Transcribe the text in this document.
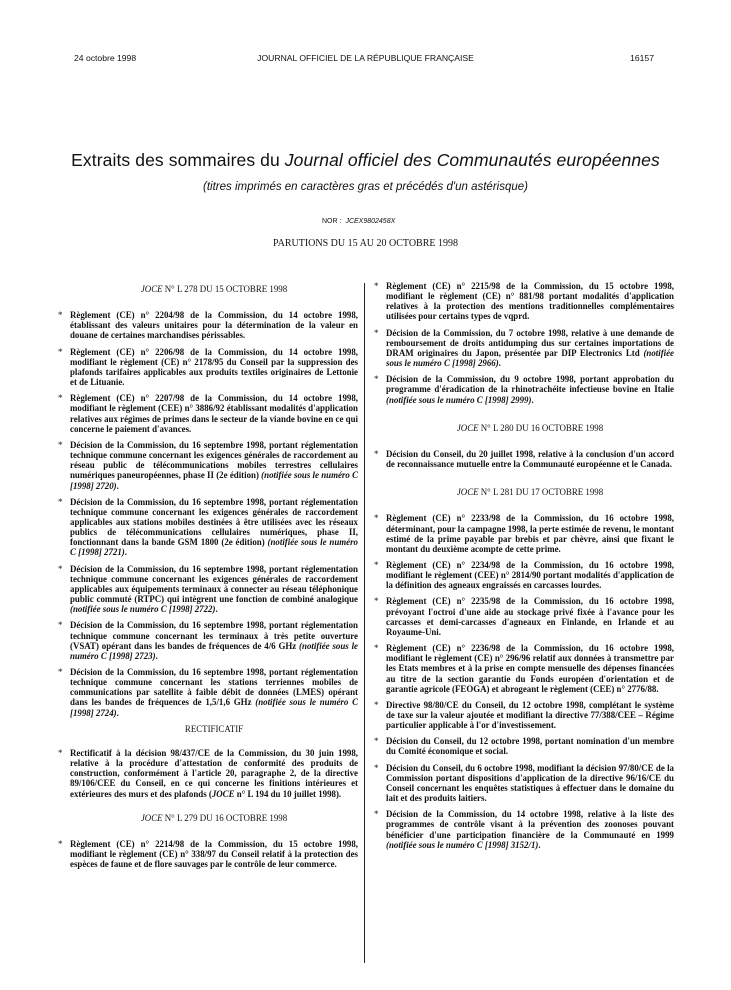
24 octobre 1998	JOURNAL OFFICIEL DE LA RÉPUBLIQUE FRANÇAISE	16157
Extraits des sommaires du Journal officiel des Communautés européennes
(titres imprimés en caractères gras et précédés d'un astérisque)
NOR : JCEX9802458X
PARUTIONS DU 15 AU 20 OCTOBRE 1998
JOCE N° L 278 DU 15 OCTOBRE 1998
* Règlement (CE) n° 2204/98 de la Commission, du 14 octobre 1998, établissant des valeurs unitaires pour la détermination de la valeur en douane de certaines marchandises périssables.
* Règlement (CE) n° 2206/98 de la Commission, du 14 octobre 1998, modifiant le règlement (CE) n° 2178/95 du Conseil par la suppression des plafonds tarifaires applicables aux produits textiles originaires de Lettonie et de Lituanie.
* Règlement (CE) n° 2207/98 de la Commission, du 14 octobre 1998, modifiant le règlement (CEE) n° 3886/92 établissant modalités d'application relatives aux régimes de primes dans le secteur de la viande bovine en ce qui concerne le paiement d'avances.
* Décision de la Commission, du 16 septembre 1998, portant réglementation technique commune concernant les exigences générales de raccordement au réseau public de télécommunications mobiles terrestres cellulaires numériques paneuropéennes, phase II (2e édition) (notifiée sous le numéro C [1998] 2720).
* Décision de la Commission, du 16 septembre 1998, portant réglementation technique commune concernant les exigences générales de raccordement applicables aux stations mobiles destinées à être utilisées avec les réseaux publics de télécommunications cellulaires numériques, phase II, fonctionnant dans la bande GSM 1800 (2e édition) (notifiée sous le numéro C [1998] 2721).
* Décision de la Commission, du 16 septembre 1998, portant réglementation technique commune concernant les exigences générales de raccordement applicables aux équipements terminaux à connecter au réseau téléphonique public commuté (RTPC) qui intègrent une fonction de combiné analogique (notifiée sous le numéro C [1998] 2722).
* Décision de la Commission, du 16 septembre 1998, portant réglementation technique commune concernant les terminaux à très petite ouverture (VSAT) opérant dans les bandes de fréquences de 4/6 GHz (notifiée sous le numéro C [1998] 2723).
* Décision de la Commission, du 16 septembre 1998, portant réglementation technique commune concernant les stations terriennes mobiles de communications par satellite à faible débit de données (LMES) opérant dans les bandes de fréquences de 1,5/1,6 GHz (notifiée sous le numéro C [1998] 2724).
RECTIFICATIF
* Rectificatif à la décision 98/437/CE de la Commission, du 30 juin 1998, relative à la procédure d'attestation de conformité des produits de construction, conformément à l'article 20, paragraphe 2, de la directive 89/106/CEE du Conseil, en ce qui concerne les finitions intérieures et extérieures des murs et des plafonds (JOCE n° L 194 du 10 juillet 1998).
JOCE N° L 279 DU 16 OCTOBRE 1998
* Règlement (CE) n° 2214/98 de la Commission, du 15 octobre 1998, modifiant le règlement (CE) n° 338/97 du Conseil relatif à la protection des espèces de faune et de flore sauvages par le contrôle de leur commerce.
* Règlement (CE) n° 2215/98 de la Commission, du 15 octobre 1998, modifiant le règlement (CE) n° 881/98 portant modalités d'application relatives à la protection des mentions traditionnelles complémentaires utilisées pour certains types de vqprd.
* Décision de la Commission, du 7 octobre 1998, relative à une demande de remboursement de droits antidumping dus sur certaines importations de DRAM originaires du Japon, présentée par DIP Electronics Ltd (notifiée sous le numéro C [1998] 2966).
* Décision de la Commission, du 9 octobre 1998, portant approbation du programme d'éradication de la rhinotrachéite infectieuse bovine en Italie (notifiée sous le numéro C [1998] 2999).
JOCE N° L 280 DU 16 OCTOBRE 1998
* Décision du Conseil, du 20 juillet 1998, relative à la conclusion d'un accord de reconnaissance mutuelle entre la Communauté européenne et le Canada.
JOCE N° L 281 DU 17 OCTOBRE 1998
* Règlement (CE) n° 2233/98 de la Commission, du 16 octobre 1998, déterminant, pour la campagne 1998, la perte estimée de revenu, le montant estimé de la prime payable par brebis et par chèvre, ainsi que fixant le montant du deuxième acompte de cette prime.
* Règlement (CE) n° 2234/98 de la Commission, du 16 octobre 1998, modifiant le règlement (CEE) n° 2814/90 portant modalités d'application de la définition des agneaux engraissés en carcasses lourdes.
* Règlement (CE) n° 2235/98 de la Commission, du 16 octobre 1998, prévoyant l'octroi d'une aide au stockage privé fixée à l'avance pour les carcasses et demi-carcasses d'agneaux en Finlande, en Irlande et au Royaume-Uni.
* Règlement (CE) n° 2236/98 de la Commission, du 16 octobre 1998, modifiant le règlement (CE) n° 296/96 relatif aux données à transmettre par les Etats membres et à la prise en compte mensuelle des dépenses financées au titre de la section garantie du Fonds européen d'orientation et de garantie agricole (FEOGA) et abrogeant le règlement (CEE) n° 2776/88.
* Directive 98/80/CE du Conseil, du 12 octobre 1998, complétant le système de taxe sur la valeur ajoutée et modifiant la directive 77/388/CEE – Régime particulier applicable à l'or d'investissement.
* Décision du Conseil, du 12 octobre 1998, portant nomination d'un membre du Comité économique et social.
* Décision du Conseil, du 6 octobre 1998, modifiant la décision 97/80/CE de la Commission portant dispositions d'application de la directive 96/16/CE du Conseil concernant les enquêtes statistiques à effectuer dans le domaine du lait et des produits laitiers.
* Décision de la Commission, du 14 octobre 1998, relative à la liste des programmes de contrôle visant à la prévention des zoonoses pouvant bénéficier d'une participation financière de la Communauté en 1999 (notifiée sous le numéro C [1998] 3152/1).
